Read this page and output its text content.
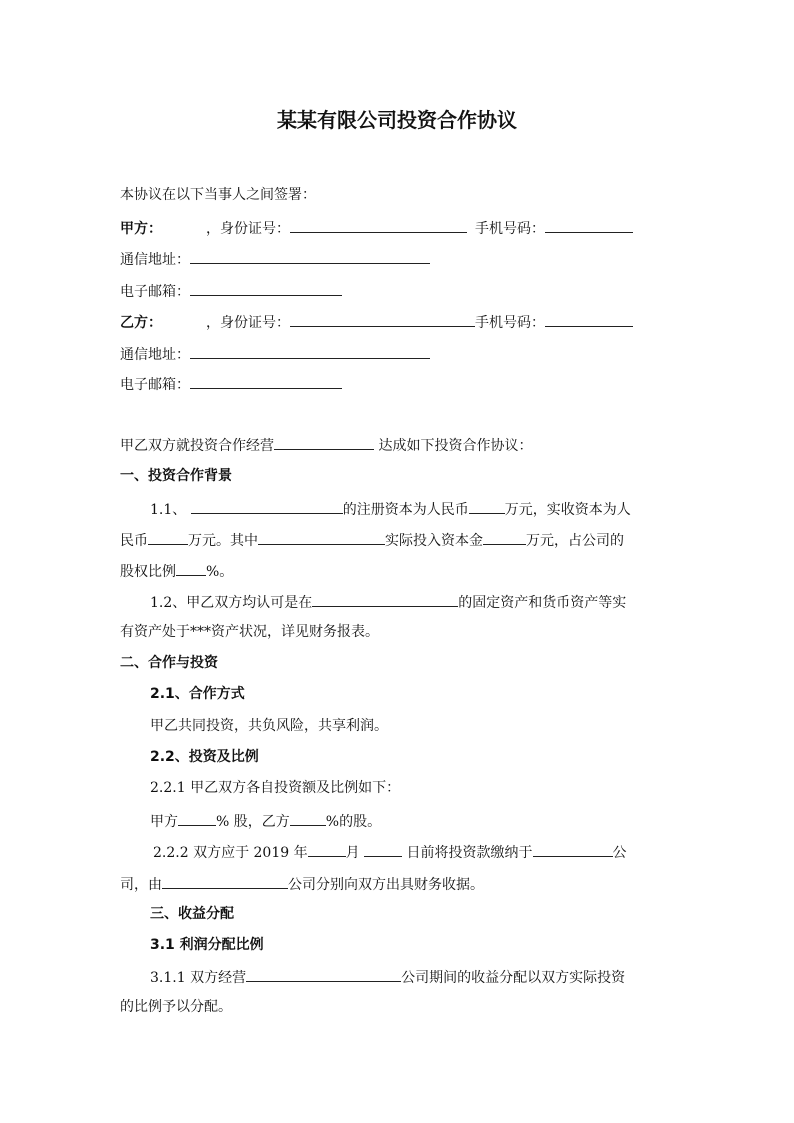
某某有限公司投资合作协议
本协议在以下当事人之间签署：
甲方：	，身份证号：	手机号码：
通信地址：
电子邮箱：
乙方：	，身份证号：	手机号码：
通信地址：
电子邮箱：
甲乙双方就投资合作经营	达成如下投资合作协议：
一、投资合作背景
1.1、	的注册资本为人民币	万元，实收资本为人
民币	万元。其中	实际投入资本金	万元，占公司的
股权比例 %。
1.2、甲乙双方均认可是在	的固定资产和货币资产等实
有资产处于***资产状况，详见财务报表。
二、合作与投资
2.1、合作方式
甲乙共同投资，共负风险，共享利润。
2.2、投资及比例
2.2.1 甲乙双方各自投资额及比例如下：
甲方	% 股，乙方	%的股。
2.2.2 双方应于 2019 年	月	日前将投资款缴纳于	公
司，由	公司分别向双方出具财务收据。
三、收益分配
3.1 利润分配比例
3.1.1 双方经营	公司期间的收益分配以双方实际投资
的比例予以分配。
